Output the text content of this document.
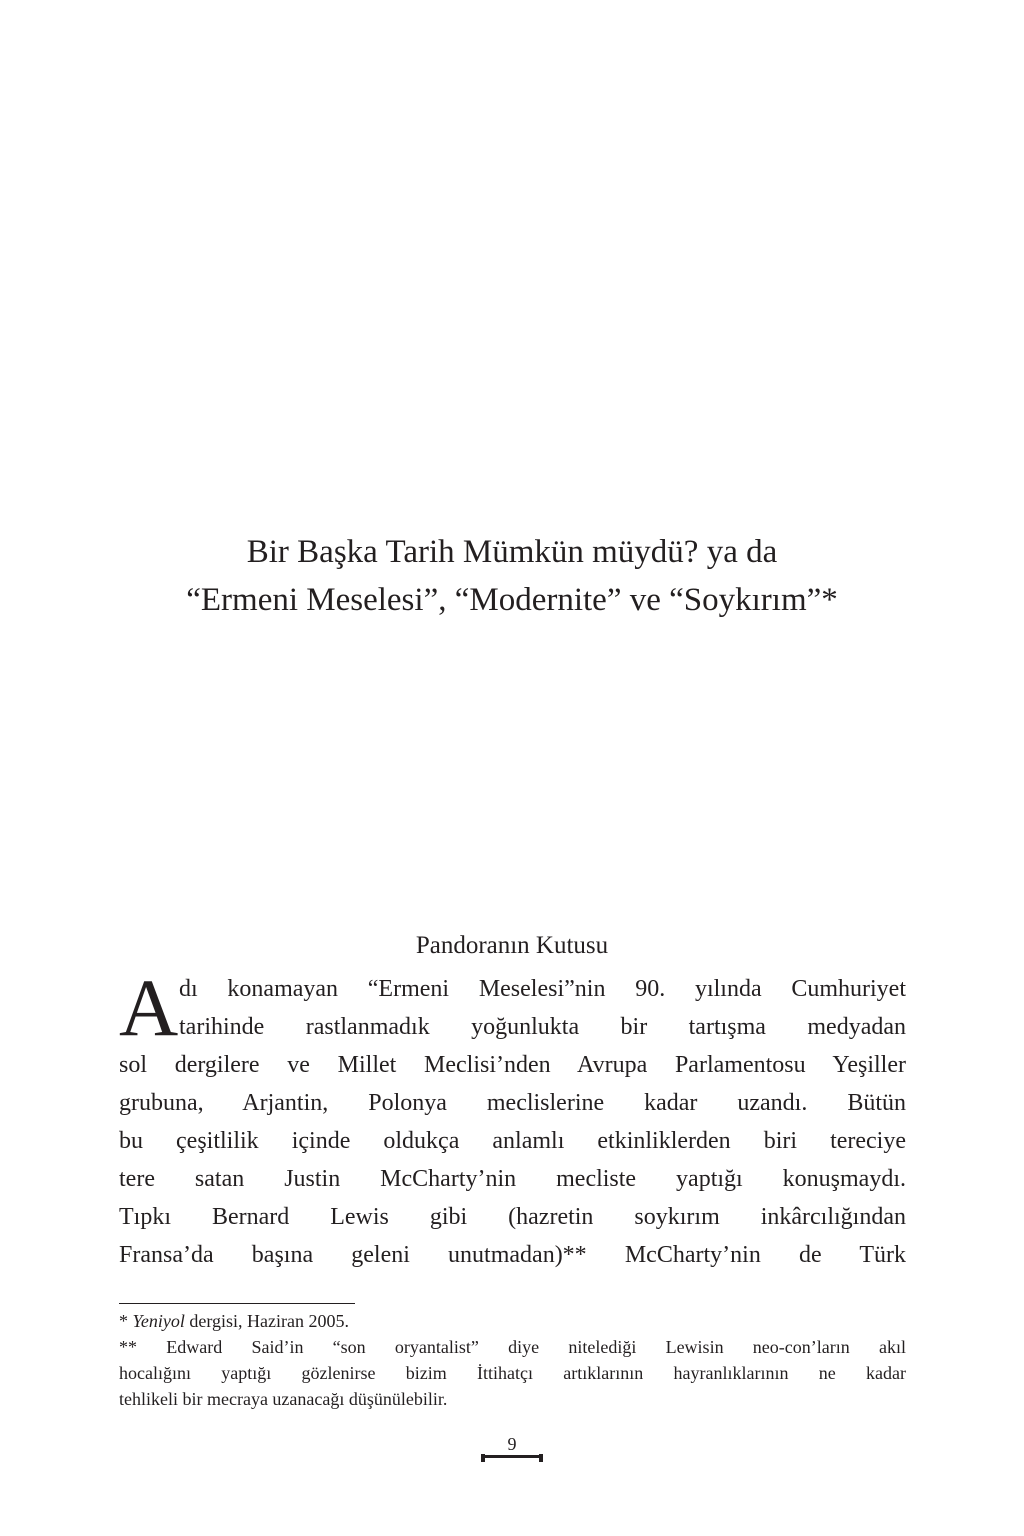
Bir Başka Tarih Mümkün müydü? ya da
“Ermeni Meselesi”, “Modernite” ve “Soykırım”*
Pandoranın Kutusu
A dı konamayan “Ermeni Meselesi”nin 90. yılında Cumhuriyet
tarihinde rastlanmadık yoğunlukta bir tartışma medyadan
sol dergilere ve Millet Meclisi’nden Avrupa Parlamentosu Yeşiller
grubuna, Arjantin, Polonya meclislerine kadar uzandı. Bütün
bu çeşitlilik içinde oldukça anlamlı etkinliklerden biri tereciye
tere satan Justin McCharty’nin mecliste yaptığı konuşmaydı.
Tıpkı Bernard Lewis gibi (hazretin soykırım inkârcılığından
Fransa’da başına geleni unutmadan)** McCharty’nin de Türk
* Yeniyol dergisi, Haziran 2005.
** Edward Said’in “son oryantalist” diye nitelediği Lewisin neo-con’ların akıl
hocalığını yaptığı gözlenirse bizim İttihatçı artıklarının hayranlıklarının ne kadar
tehlikeli bir mecraya uzanacağı düşünülebilir.
9
